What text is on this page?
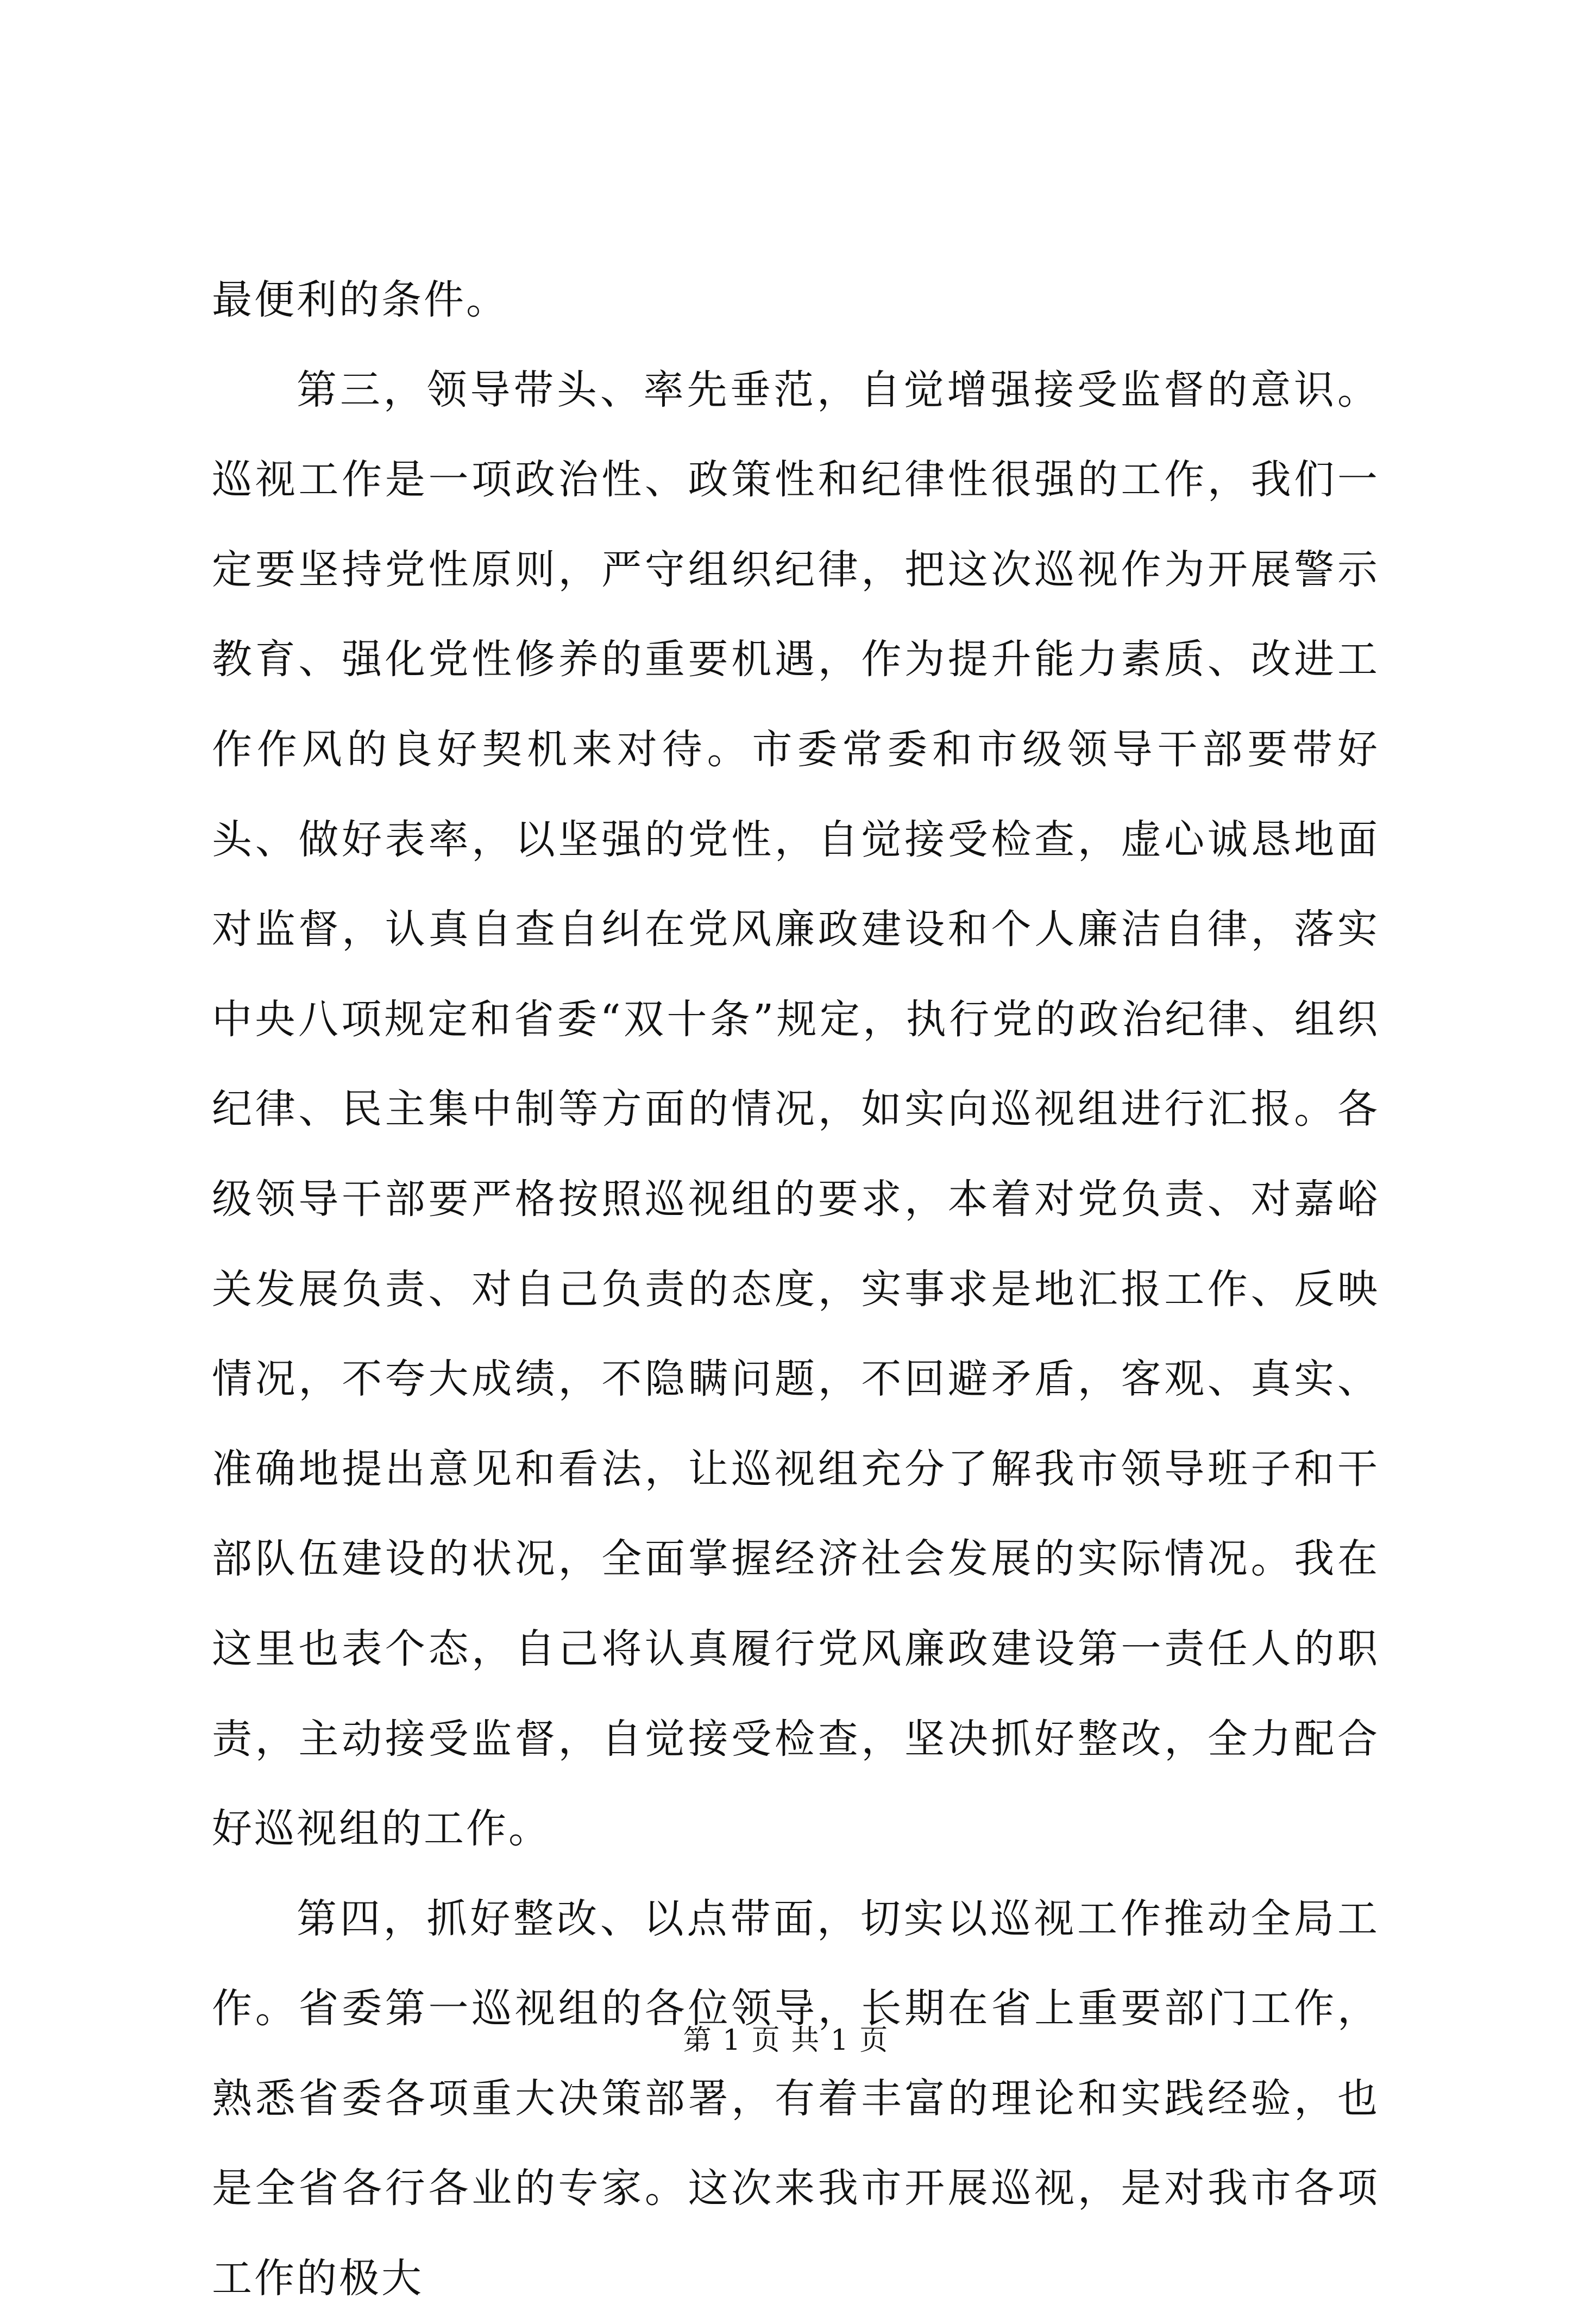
最便利的条件。

第三，领导带头、率先垂范，自觉增强接受监督的意识。巡视工作是一项政治性、政策性和纪律性很强的工作，我们一定要坚持党性原则，严守组织纪律，把这次巡视作为开展警示教育、强化党性修养的重要机遇，作为提升能力素质、改进工作作风的良好契机来对待。市委常委和市级领导干部要带好头、做好表率，以坚强的党性，自觉接受检查，虚心诚恳地面对监督，认真自查自纠在党风廉政建设和个人廉洁自律，落实中央八项规定和省委“双十条”规定，执行党的政治纪律、组织纪律、民主集中制等方面的情况，如实向巡视组进行汇报。各级领导干部要严格按照巡视组的要求，本着对党负责、对嘉峪关发展负责、对自己负责的态度，实事求是地汇报工作、反映情况，不夸大成绩，不隐瞒问题，不回避矛盾，客观、真实、准确地提出意见和看法，让巡视组充分了解我市领导班子和干部队伍建设的状况，全面掌握经济社会发展的实际情况。我在这里也表个态，自己将认真履行党风廉政建设第一责任人的职责，主动接受监督，自觉接受检查，坚决抓好整改，全力配合好巡视组的工作。

第四，抓好整改、以点带面，切实以巡视工作推动全局工作。省委第一巡视组的各位领导，长期在省上重要部门工作，熟悉省委各项重大决策部署，有着丰富的理论和实践经验，也是全省各行各业的专家。这次来我市开展巡视，是对我市各项工作的极大

第 1 页 共 1 页
